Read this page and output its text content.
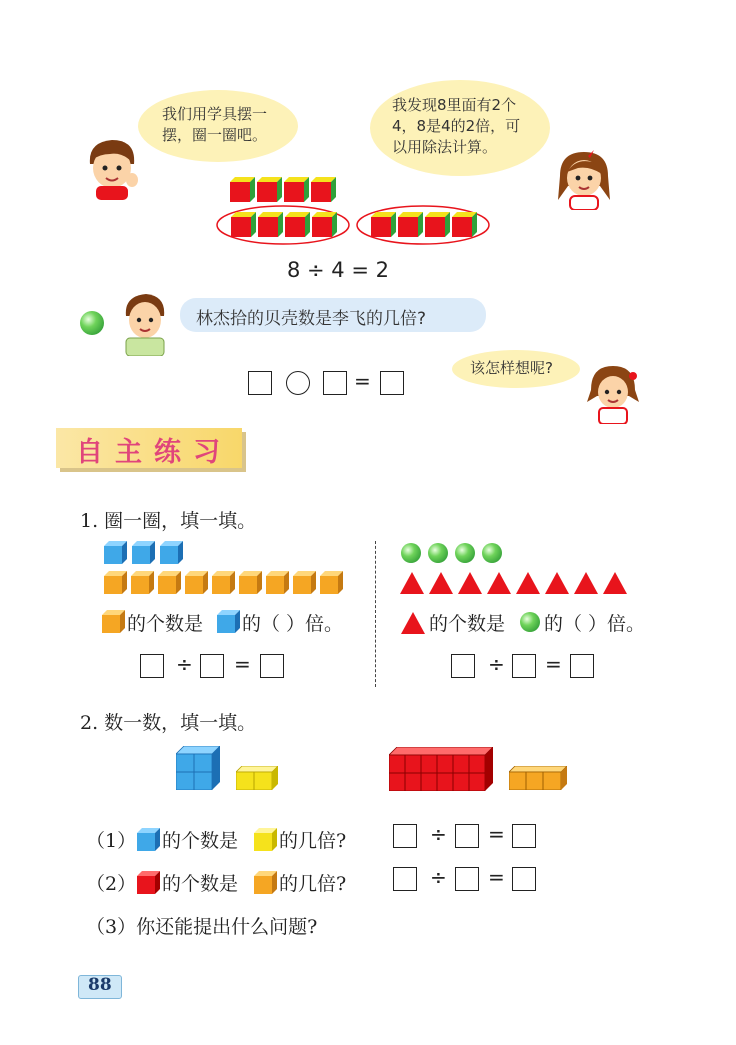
我们用学具摆一摆，圈一圈吧。
我发现8里面有2个4，8是4的2倍，可以用除法计算。
8 ÷ 4 = 2
林杰拾的贝壳数是李飞的几倍?
=
该怎样想呢?
自主练习
1. 圈一圈，填一填。
的个数是 的（ ）倍。
÷ =
的个数是 的（ ）倍。
÷ =
2. 数一数，填一填。
（1） 的个数是 的几倍?	÷ =
（2） 的个数是 的几倍?	÷ =
（3）你还能提出什么问题?
88
